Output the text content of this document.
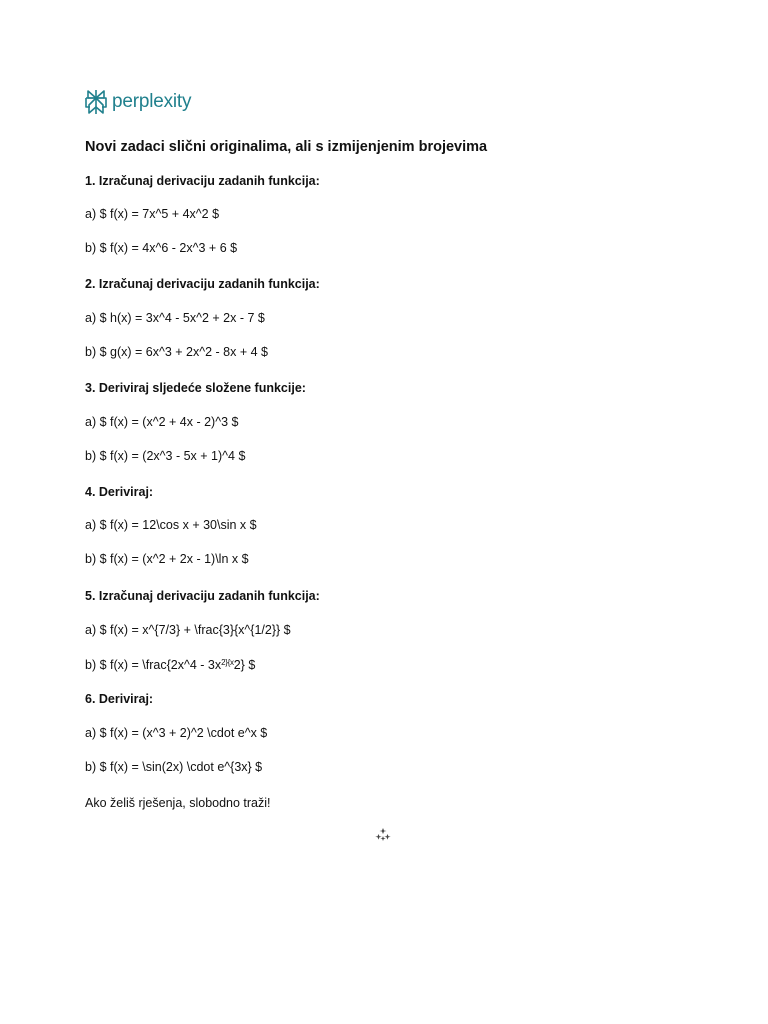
perplexity
Novi zadaci slični originalima, ali s izmijenjenim brojevima
1. Izračunaj derivaciju zadanih funkcija:
a) $ f(x) = 7x^5 + 4x^2 $
b) $ f(x) = 4x^6 - 2x^3 + 6 $
2. Izračunaj derivaciju zadanih funkcija:
a) $ h(x) = 3x^4 - 5x^2 + 2x - 7 $
b) $ g(x) = 6x^3 + 2x^2 - 8x + 4 $
3. Deriviraj sljedeće složene funkcije:
a) $ f(x) = (x^2 + 4x - 2)^3 $
b) $ f(x) = (2x^3 - 5x + 1)^4 $
4. Deriviraj:
a) $ f(x) = 12\cos x + 30\sin x $
b) $ f(x) = (x^2 + 2x - 1)\ln x $
5. Izračunaj derivaciju zadanih funkcija:
a) $ f(x) = x^{7/3} + \frac{3}{x^{1/2}} $
b) $ f(x) = \frac{2x^4 - $3x^{2\}\{x}2$} $
6. Deriviraj:
a) $ f(x) = (x^3 + 2)^2 \cdot e^x $
b) $ f(x) = \sin(2x) \cdot e^{3x} $
Ako želiš rješenja, slobodno traži!
